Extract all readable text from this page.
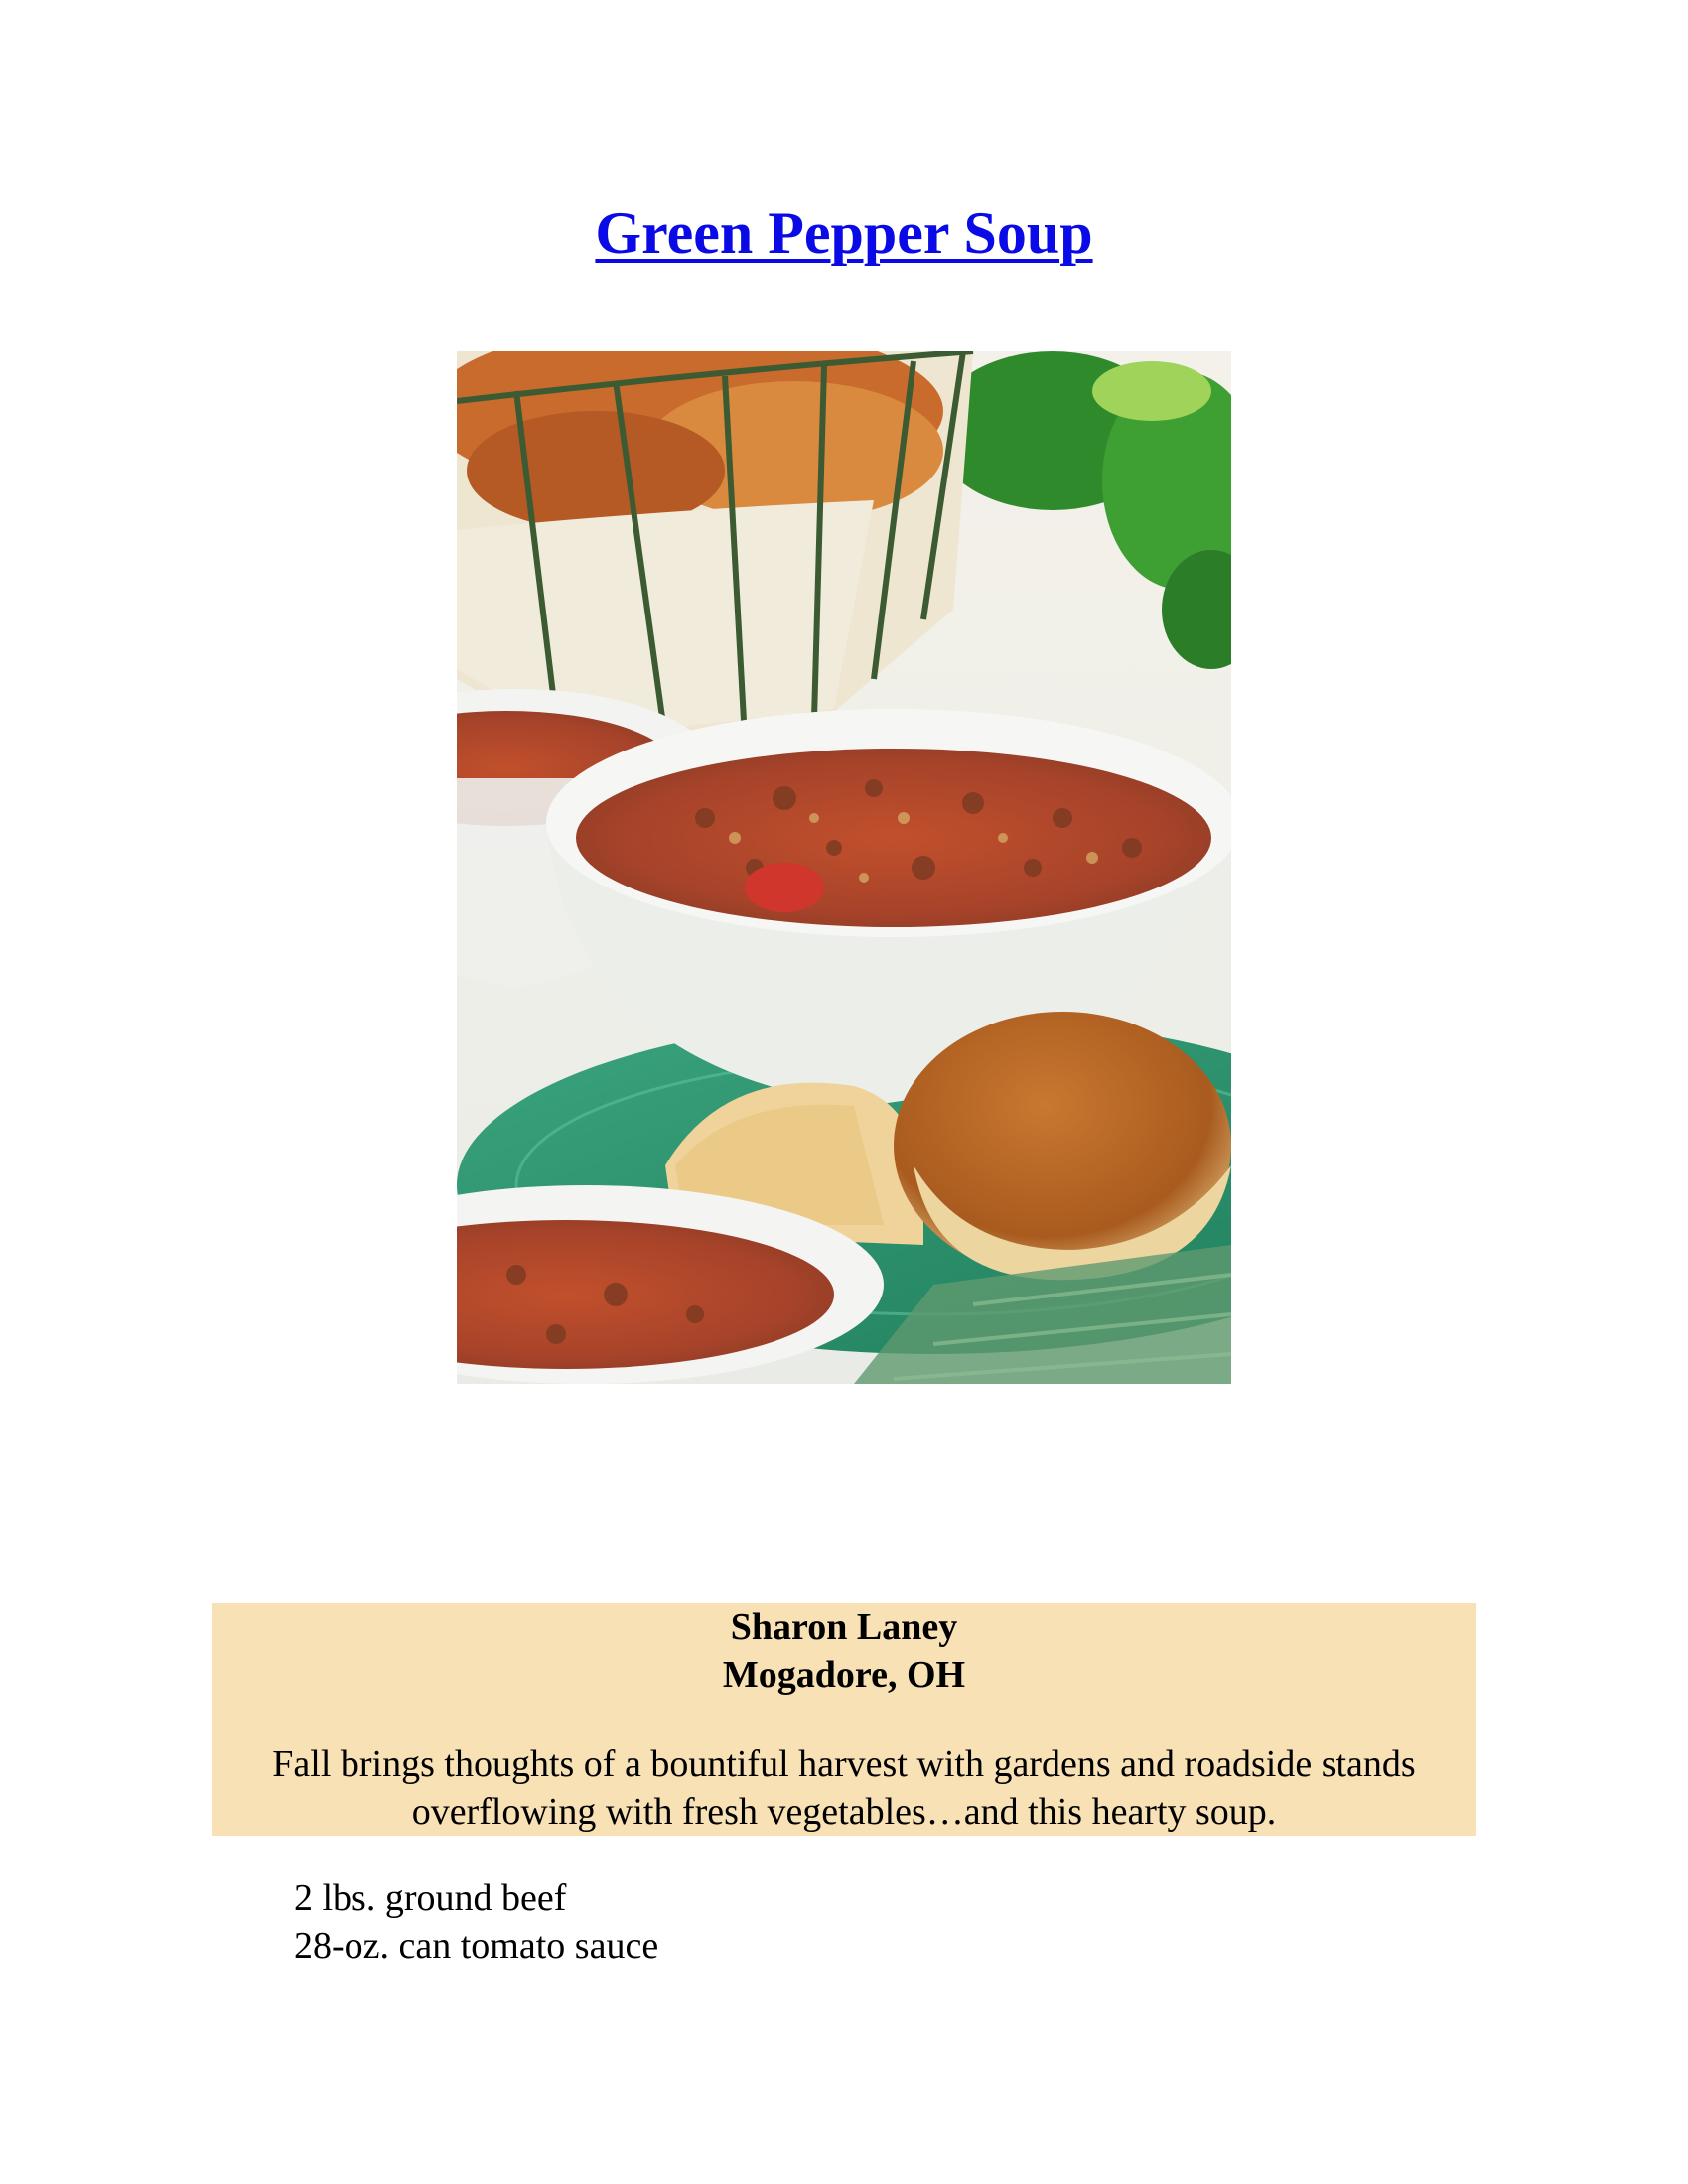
Green Pepper Soup

Sharon Laney

Mogadore, OH

Fall brings thoughts of a bountiful harvest with gardens and roadside stands overflowing with fresh vegetables…and this hearty soup.

2 lbs. ground beef
28-oz. can tomato sauce
